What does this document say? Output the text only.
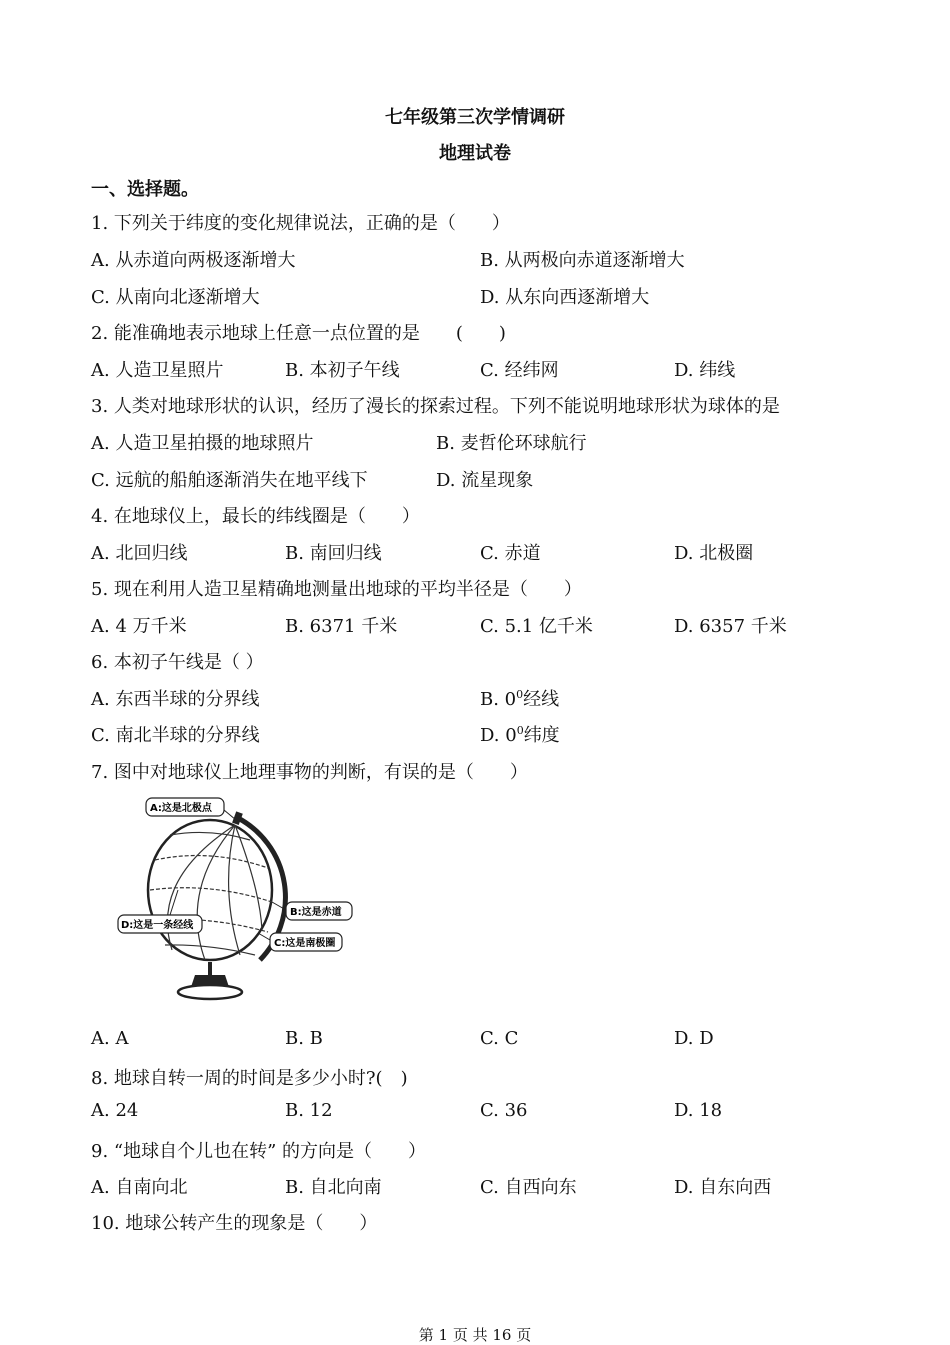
七年级第三次学情调研
地理试卷
一、选择题。
1. 下列关于纬度的变化规律说法，正确的是（　　）
A. 从赤道向两极逐渐增大	B. 从两极向赤道逐渐增大
C. 从南向北逐渐增大	D. 从东向西逐渐增大
2. 能准确地表示地球上任意一点位置的是　　(　　)
A. 人造卫星照片	B. 本初子午线	C. 经纬网	D. 纬线
3. 人类对地球形状的认识，经历了漫长的探索过程。下列不能说明地球形状为球体的是
A. 人造卫星拍摄的地球照片	B. 麦哲伦环球航行
C. 远航的船舶逐渐消失在地平线下	D. 流星现象
4. 在地球仪上，最长的纬线圈是（　　）
A. 北回归线	B. 南回归线	C. 赤道	D. 北极圈
5. 现在利用人造卫星精确地测量出地球的平均半径是（　　）
A. 4 万千米	B. 6371 千米	C. 5.1 亿千米	D. 6357 千米
6. 本初子午线是（ ）
A. 东西半球的分界线	B. $0^0$经线
C. 南北半球的分界线	D. $0^0$纬度
7. 图中对地球仪上地理事物的判断，有误的是（　　）
A:这是北极点
B:这是赤道
C:这是南极圈
D:这是一条经线
A. A	B. B	C. C	D. D
8. 地球自转一周的时间是多少小时?(　)
A. 24	B. 12	C. 36	D. 18
9. “地球自个儿也在转” 的方向是（　　）
A. 自南向北	B. 自北向南	C. 自西向东	D. 自东向西
10. 地球公转产生的现象是（　　）
第 1 页 共 16 页
